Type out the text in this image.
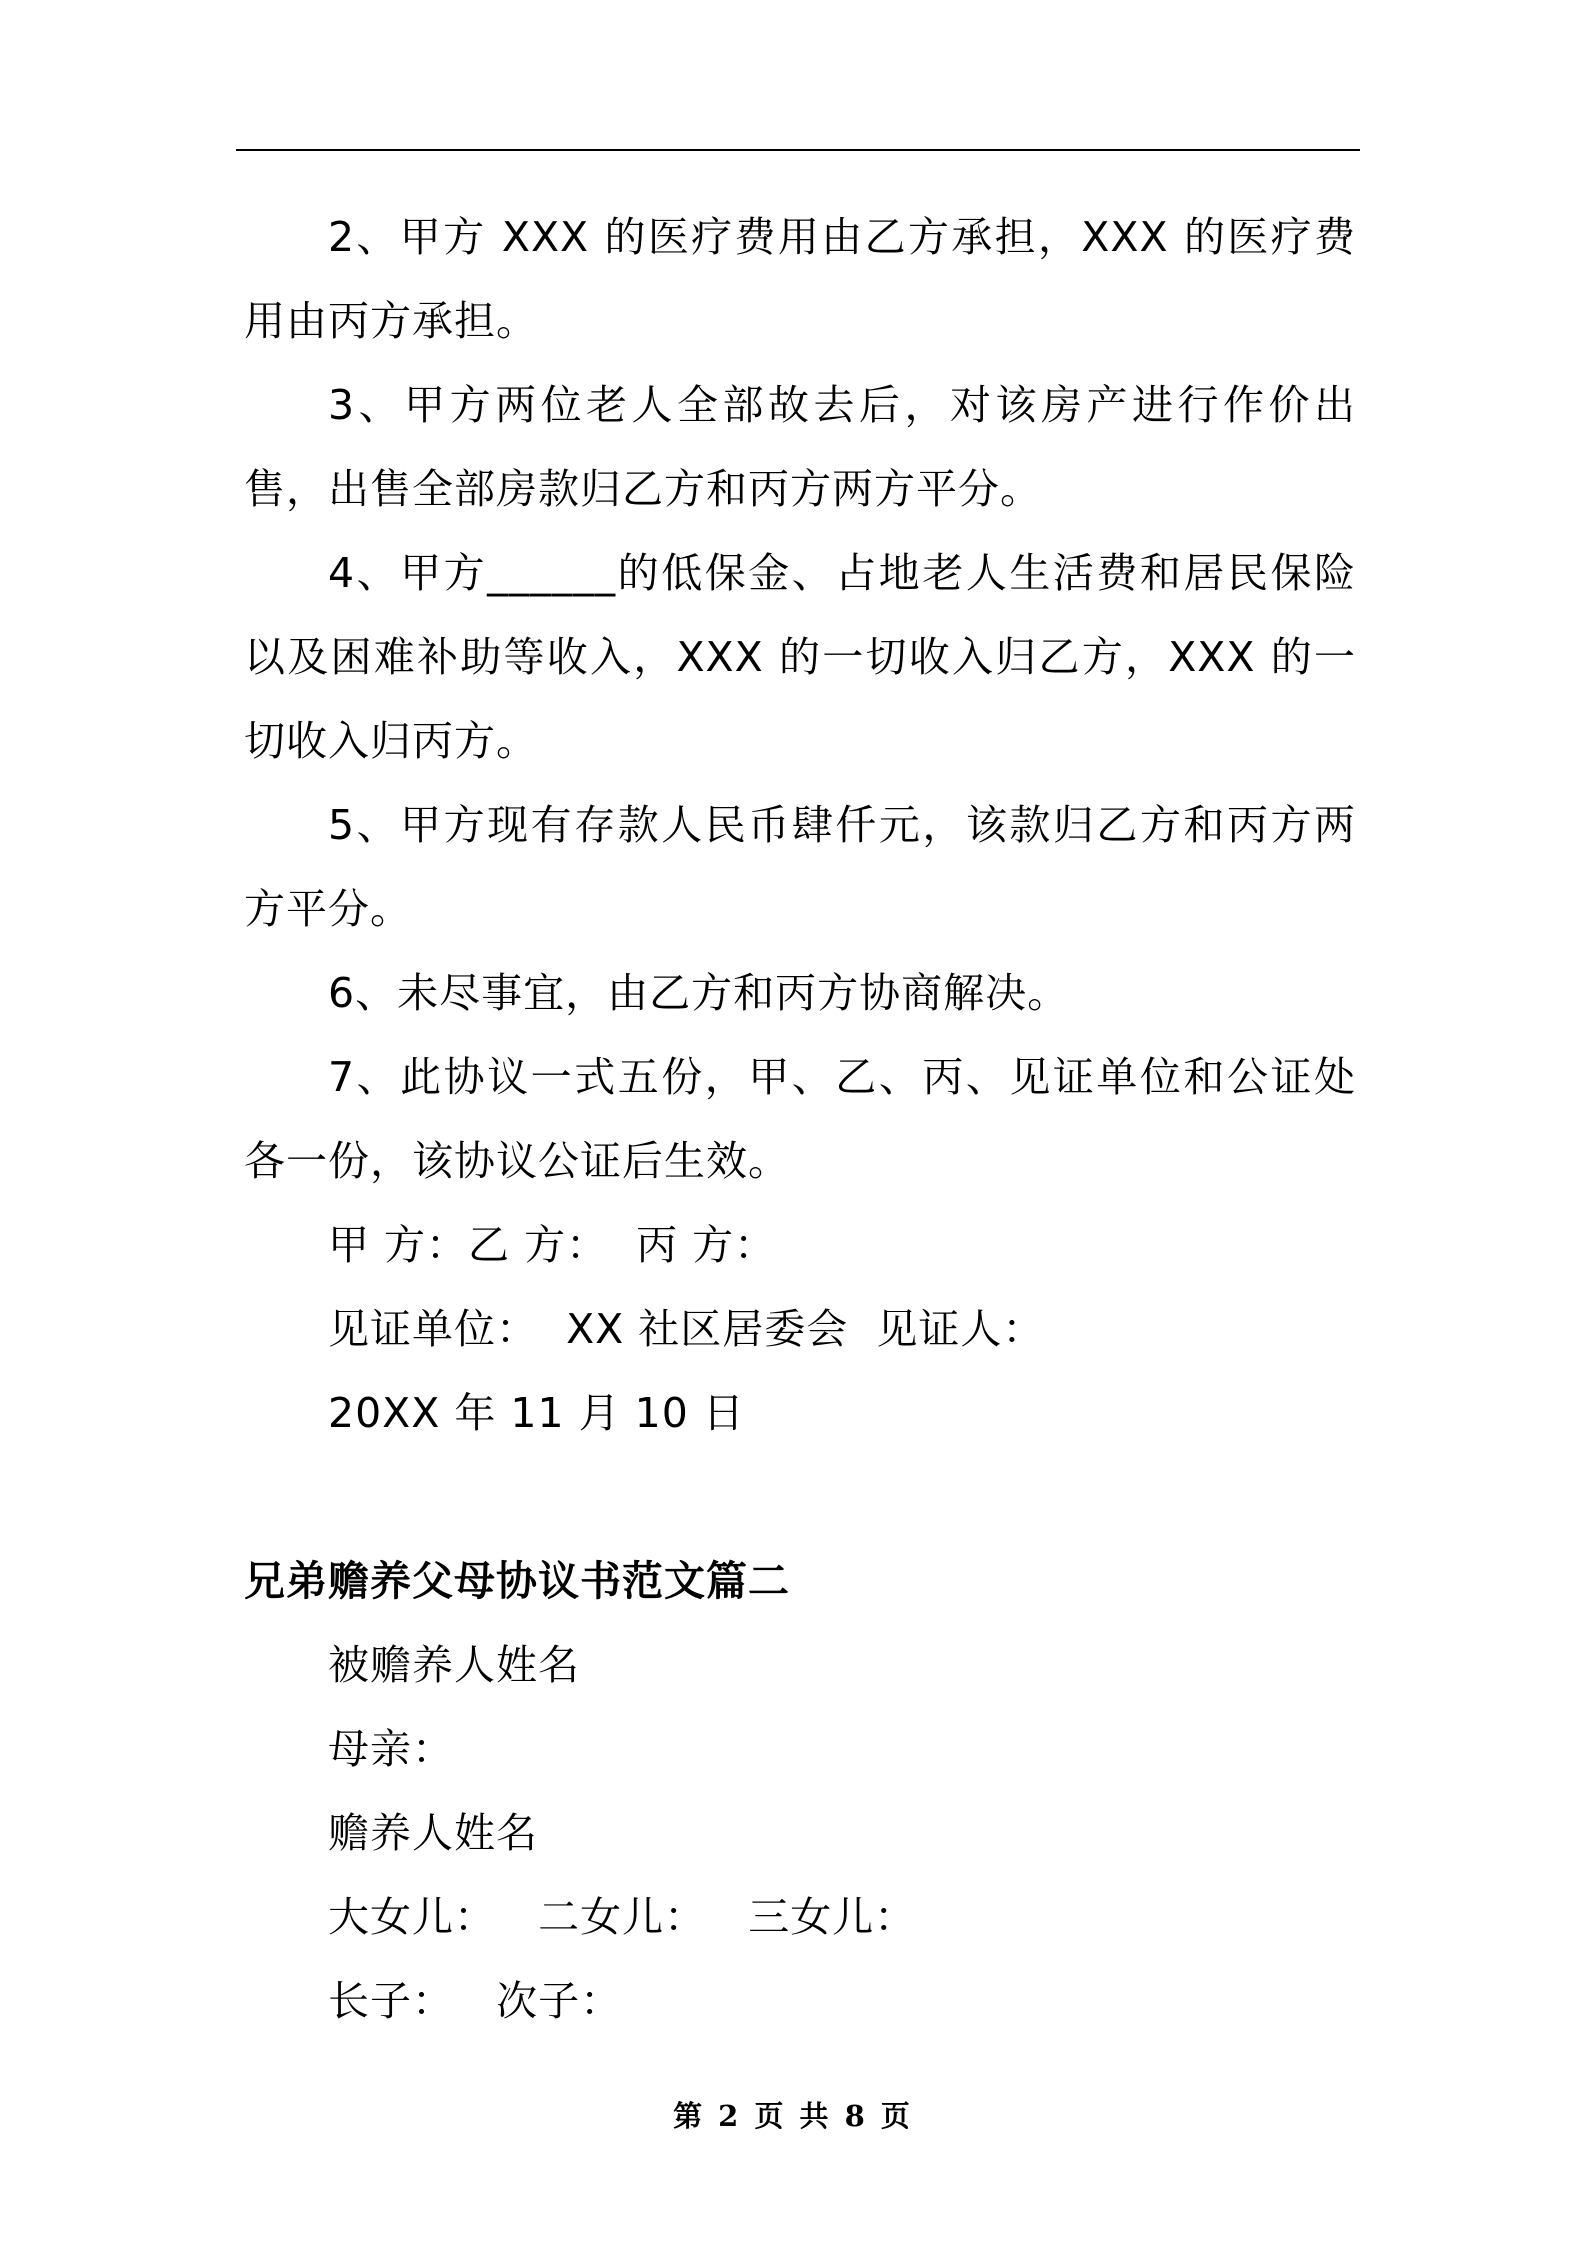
2、甲方 XXX 的医疗费用由乙方承担，XXX 的医疗费用由丙方承担。

3、甲方两位老人全部故去后，对该房产进行作价出售，出售全部房款归乙方和丙方两方平分。

4、甲方______的低保金、占地老人生活费和居民保险以及困难补助等收入，XXX 的一切收入归乙方，XXX 的一切收入归丙方。

5、甲方现有存款人民币肆仟元，该款归乙方和丙方两方平分。

6、未尽事宜，由乙方和丙方协商解决。

7、此协议一式五份，甲、乙、丙、见证单位和公证处各一份，该协议公证后生效。

甲 方：乙 方：  丙 方：

见证单位：  XX 社区居委会  见证人：

20XX 年 11 月 10 日

兄弟赡养父母协议书范文篇二

被赡养人姓名

母亲：

赡养人姓名

大女儿：   二女儿：   三女儿：

长子：   次子：

第 2 页 共 8 页
